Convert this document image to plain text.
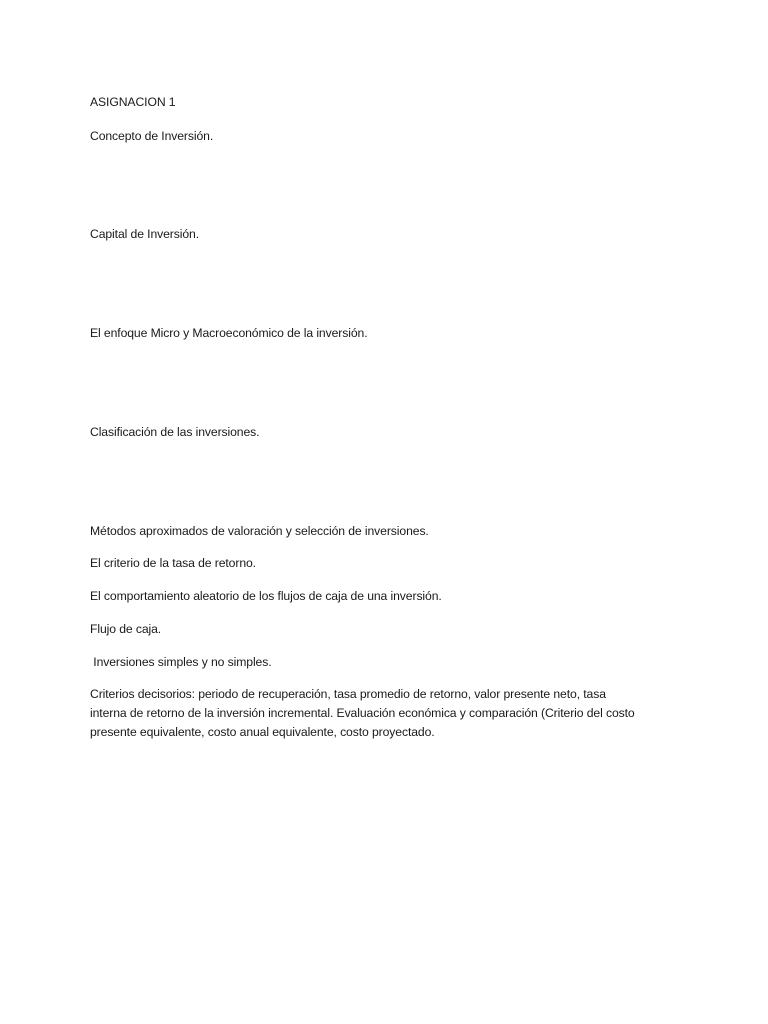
ASIGNACION 1
Concepto de Inversión.
Capital de Inversión.
El enfoque Micro y Macroeconómico de la inversión.
Clasificación de las inversiones.
Métodos aproximados de valoración y selección de inversiones.
El criterio de la tasa de retorno.
El comportamiento aleatorio de los flujos de caja de una inversión.
Flujo de caja.
Inversiones simples y no simples.
Criterios decisorios: periodo de recuperación, tasa promedio de retorno, valor presente neto, tasa
interna de retorno de la inversión incremental. Evaluación económica y comparación (Criterio del costo
presente equivalente, costo anual equivalente, costo proyectado.
